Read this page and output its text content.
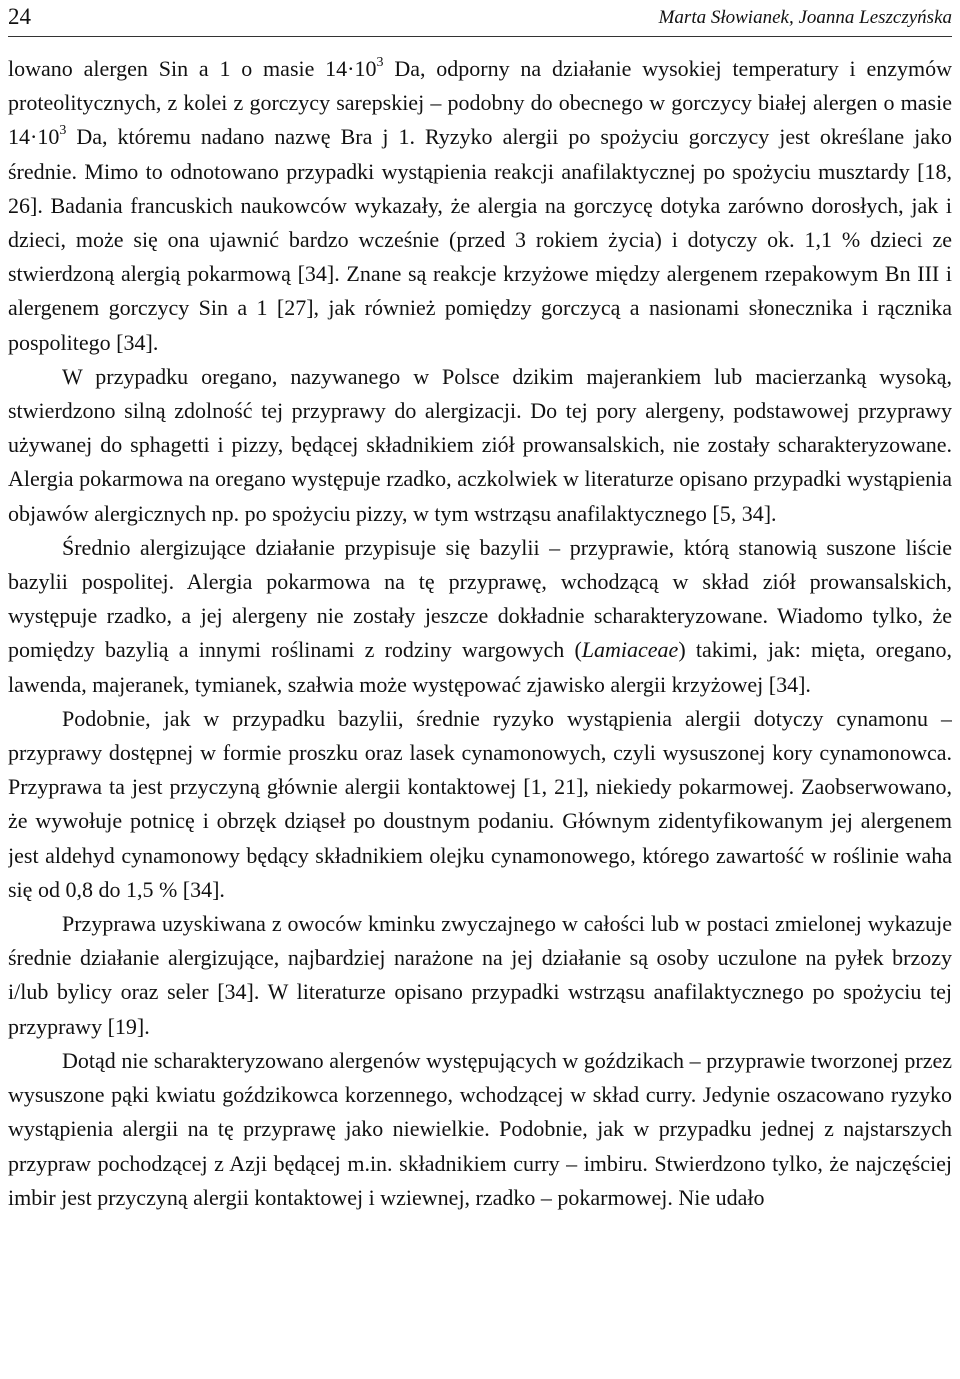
24	Marta Słowianek, Joanna Leszczyńska

lowano alergen Sin a 1 o masie $14\cdot 10^3$ Da, odporny na działanie wysokiej temperatury i enzymów proteolitycznych, z kolei z gorczycy sarepskiej – podobny do obecnego w gorczycy białej alergen o masie $14\cdot 10^3$ Da, któremu nadano nazwę Bra j 1. Ryzyko alergii po spożyciu gorczycy jest określane jako średnie. Mimo to odnotowano przypadki wystąpienia reakcji anafilaktycznej po spożyciu musztardy [18, 26]. Badania francuskich naukowców wykazały, że alergia na gorczycę dotyka zarówno dorosłych, jak i dzieci, może się ona ujawnić bardzo wcześnie (przed 3 rokiem życia) i dotyczy ok. 1,1 % dzieci ze stwierdzoną alergią pokarmową [34]. Znane są reakcje krzyżowe między alergenem rzepakowym Bn III i alergenem gorczycy Sin a 1 [27], jak również pomiędzy gorczycą a nasionami słonecznika i rącznika pospolitego [34].

W przypadku oregano, nazywanego w Polsce dzikim majerankiem lub macierzanką wysoką, stwierdzono silną zdolność tej przyprawy do alergizacji. Do tej pory alergeny, podstawowej przyprawy używanej do sphagetti i pizzy, będącej składnikiem ziół prowansalskich, nie zostały scharakteryzowane. Alergia pokarmowa na oregano występuje rzadko, aczkolwiek w literaturze opisano przypadki wystąpienia objawów alergicznych np. po spożyciu pizzy, w tym wstrząsu anafilaktycznego [5, 34].

Średnio alergizujące działanie przypisuje się bazylii – przyprawie, którą stanowią suszone liście bazylii pospolitej. Alergia pokarmowa na tę przyprawę, wchodzącą w skład ziół prowansalskich, występuje rzadko, a jej alergeny nie zostały jeszcze dokładnie scharakteryzowane. Wiadomo tylko, że pomiędzy bazylią a innymi roślinami z rodziny wargowych (Lamiaceae) takimi, jak: mięta, oregano, lawenda, majeranek, tymianek, szałwia może występować zjawisko alergii krzyżowej [34].

Podobnie, jak w przypadku bazylii, średnie ryzyko wystąpienia alergii dotyczy cynamonu – przyprawy dostępnej w formie proszku oraz lasek cynamonowych, czyli wysuszonej kory cynamonowca. Przyprawa ta jest przyczyną głównie alergii kontaktowej [1, 21], niekiedy pokarmowej. Zaobserwowano, że wywołuje potnicę i obrzęk dziąseł po doustnym podaniu. Głównym zidentyfikowanym jej alergenem jest aldehyd cynamonowy będący składnikiem olejku cynamonowego, którego zawartość w roślinie waha się od 0,8 do 1,5 % [34].

Przyprawa uzyskiwana z owoców kminku zwyczajnego w całości lub w postaci zmielonej wykazuje średnie działanie alergizujące, najbardziej narażone na jej działanie są osoby uczulone na pyłek brzozy i/lub bylicy oraz seler [34]. W literaturze opisano przypadki wstrząsu anafilaktycznego po spożyciu tej przyprawy [19].

Dotąd nie scharakteryzowano alergenów występujących w goździkach – przyprawie tworzonej przez wysuszone pąki kwiatu goździkowca korzennego, wchodzącej w skład curry. Jedynie oszacowano ryzyko wystąpienia alergii na tę przyprawę jako niewielkie. Podobnie, jak w przypadku jednej z najstarszych przypraw pochodzącej z Azji będącej m.in. składnikiem curry – imbiru. Stwierdzono tylko, że najczęściej imbir jest przyczyną alergii kontaktowej i wziewnej, rzadko – pokarmowej. Nie udało
